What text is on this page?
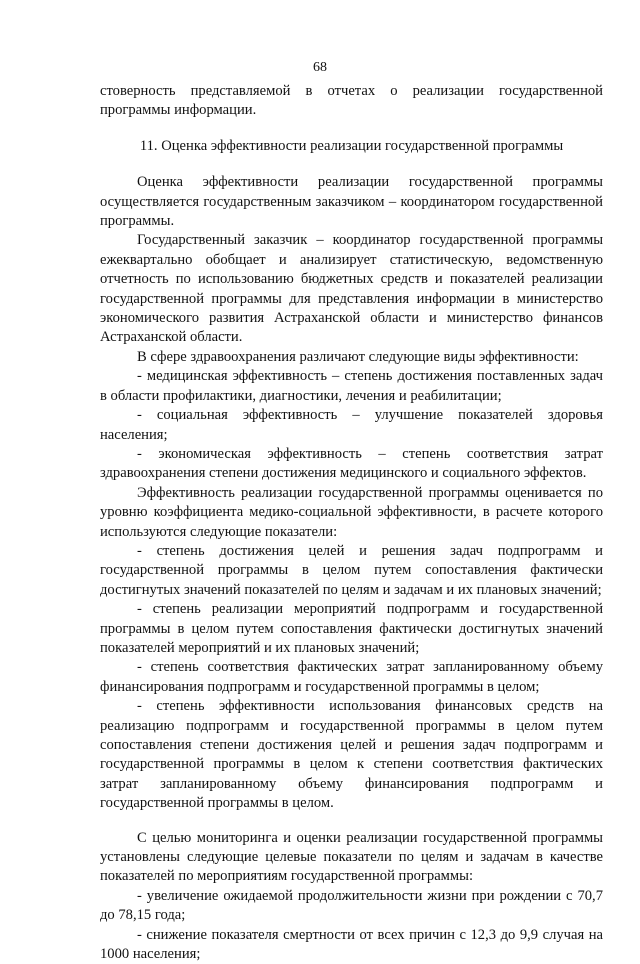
68

стоверность представляемой в отчетах о реализации государственной программы информации.

11. Оценка эффективности реализации государственной программы

Оценка эффективности реализации государственной программы осуществляется государственным заказчиком – координатором государственной программы.

Государственный заказчик – координатор государственной программы ежеквартально обобщает и анализирует статистическую, ведомственную отчетность по использованию бюджетных средств и показателей реализации государственной программы для представления информации в министерство экономического развития Астраханской области и министерство финансов Астраханской области.

В сфере здравоохранения различают следующие виды эффективности:

- медицинская эффективность – степень достижения поставленных задач в области профилактики, диагностики, лечения и реабилитации;

- социальная эффективность – улучшение показателей здоровья населения;

- экономическая эффективность – степень соответствия затрат здравоохранения степени достижения медицинского и социального эффектов.

Эффективность реализации государственной программы оценивается по уровню коэффициента медико-социальной эффективности, в расчете которого используются следующие показатели:

- степень достижения целей и решения задач подпрограмм и государственной программы в целом путем сопоставления фактически достигнутых значений показателей по целям и задачам и их плановых значений;

- степень реализации мероприятий подпрограмм и государственной программы в целом путем сопоставления фактически достигнутых значений показателей мероприятий и их плановых значений;

- степень соответствия фактических затрат запланированному объему финансирования подпрограмм и государственной программы в целом;

- степень эффективности использования финансовых средств на реализацию подпрограмм и государственной программы в целом путем сопоставления степени достижения целей и решения задач подпрограмм и государственной программы в целом к степени соответствия фактических затрат запланированному объему финансирования подпрограмм и государственной программы в целом.

С целью мониторинга и оценки реализации государственной программы установлены следующие целевые показатели по целям и задачам в качестве показателей по мероприятиям государственной программы:

- увеличение ожидаемой продолжительности жизни при рождении с 70,7 до 78,15 года;

- снижение показателя смертности от всех причин с 12,3 до 9,9 случая на 1000 населения;
